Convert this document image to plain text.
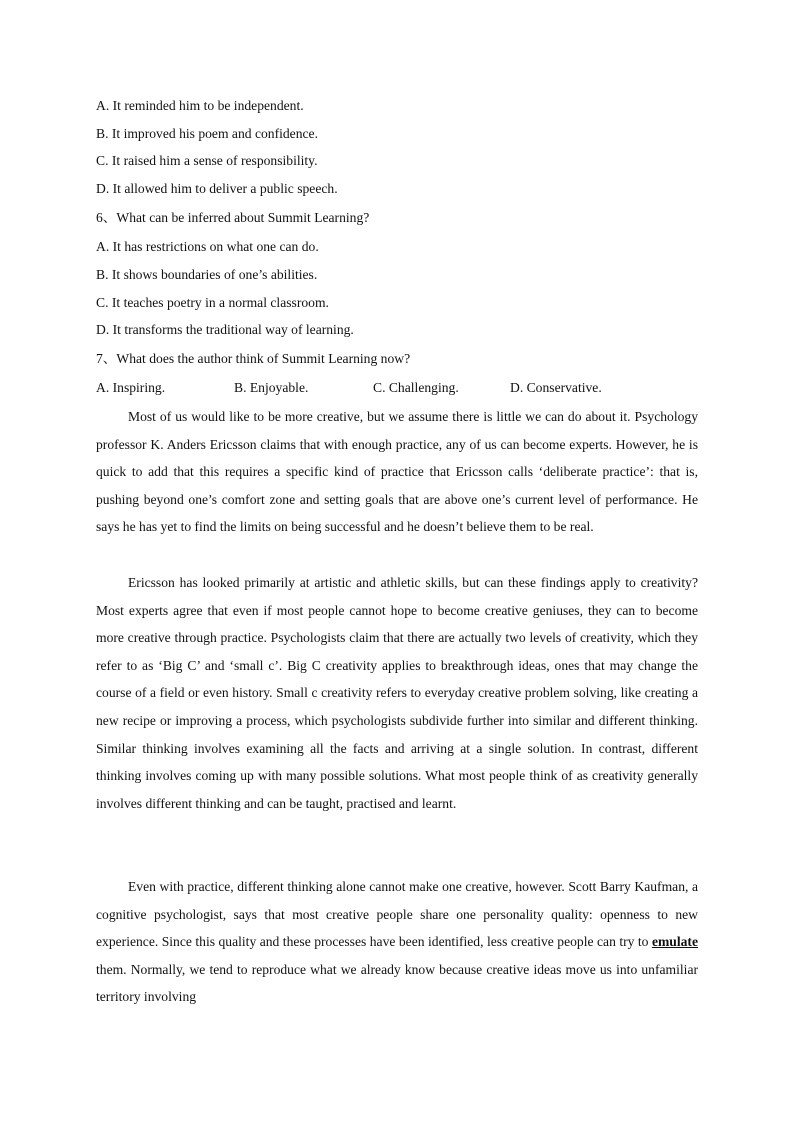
A. It reminded him to be independent.
B. It improved his poem and confidence.
C. It raised him a sense of responsibility.
D. It allowed him to deliver a public speech.
6、What can be inferred about Summit Learning?
A. It has restrictions on what one can do.
B. It shows boundaries of one’s abilities.
C. It teaches poetry in a normal classroom.
D. It transforms the traditional way of learning.
7、What does the author think of Summit Learning now?
A. Inspiring.	B. Enjoyable.	C. Challenging.	D. Conservative.
Most of us would like to be more creative, but we assume there is little we can do about it. Psychology professor K. Anders Ericsson claims that with enough practice, any of us can become experts. However, he is quick to add that this requires a specific kind of practice that Ericsson calls ‘deliberate practice’: that is, pushing beyond one’s comfort zone and setting goals that are above one’s current level of performance. He says he has yet to find the limits on being successful and he doesn’t believe them to be real.
Ericsson has looked primarily at artistic and athletic skills, but can these findings apply to creativity? Most experts agree that even if most people cannot hope to become creative geniuses, they can to become more creative through practice. Psychologists claim that there are actually two levels of creativity, which they refer to as ‘Big C’ and ‘small c’. Big C creativity applies to breakthrough ideas, ones that may change the course of a field or even history. Small c creativity refers to everyday creative problem solving, like creating a new recipe or improving a process, which psychologists subdivide further into similar and different thinking. Similar thinking involves examining all the facts and arriving at a single solution. In contrast, different thinking involves coming up with many possible solutions. What most people think of as creativity generally involves different thinking and can be taught, practised and learnt.
Even with practice, different thinking alone cannot make one creative, however. Scott Barry Kaufman, a cognitive psychologist, says that most creative people share one personality quality: openness to new experience. Since this quality and these processes have been identified, less creative people can try to emulate them. Normally, we tend to reproduce what we already know because creative ideas move us into unfamiliar territory involving
